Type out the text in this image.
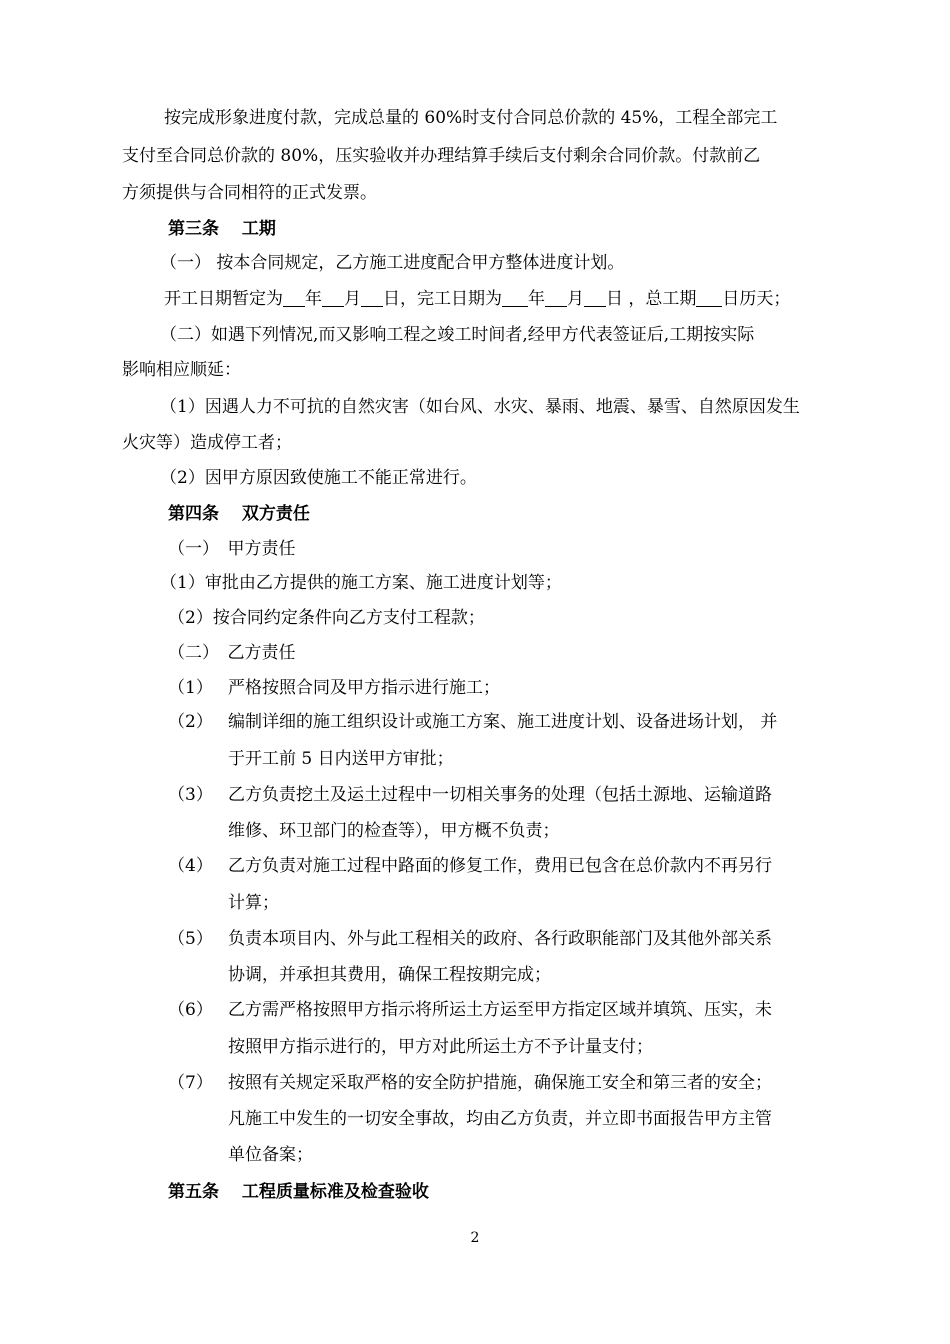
按完成形象进度付款，完成总量的 60%时支付合同总价款的 45%，工程全部完工
支付至合同总价款的 80%，压实验收并办理结算手续后支付剩余合同价款。付款前乙
方须提供与合同相符的正式发票。
第三条 　工期
（一） 按本合同规定，乙方施工进度配合甲方整体进度计划。
开工日期暂定为 年 月 日，完工日期为 年 月 日 ，总工期 日历天；
（二）如遇下列情况,而又影响工程之竣工时间者,经甲方代表签证后,工期按实际
影响相应顺延：
（1）因遇人力不可抗的自然灾害（如台风、水灾、暴雨、地震、暴雪、自然原因发生
火灾等）造成停工者；
（2）因甲方原因致使施工不能正常进行。
第四条 　双方责任
（一）　甲方责任
（1）审批由乙方提供的施工方案、施工进度计划等；
（2）按合同约定条件向乙方支付工程款；
（二）　乙方责任
（1） 严格按照合同及甲方指示进行施工；
（2） 编制详细的施工组织设计或施工方案、施工进度计划、设备进场计划， 并
于开工前 5 日内送甲方审批；
（3） 乙方负责挖土及运土过程中一切相关事务的处理（包括土源地、运输道路
维修、环卫部门的检查等），甲方概不负责；
（4） 乙方负责对施工过程中路面的修复工作，费用已包含在总价款内不再另行
计算；
（5） 负责本项目内、外与此工程相关的政府、各行政职能部门及其他外部关系
协调，并承担其费用，确保工程按期完成；
（6） 乙方需严格按照甲方指示将所运土方运至甲方指定区域并填筑、压实，未
按照甲方指示进行的，甲方对此所运土方不予计量支付；
（7） 按照有关规定采取严格的安全防护措施，确保施工安全和第三者的安全；
凡施工中发生的一切安全事故，均由乙方负责，并立即书面报告甲方主管
单位备案；
第五条 　工程质量标准及检查验收
2
